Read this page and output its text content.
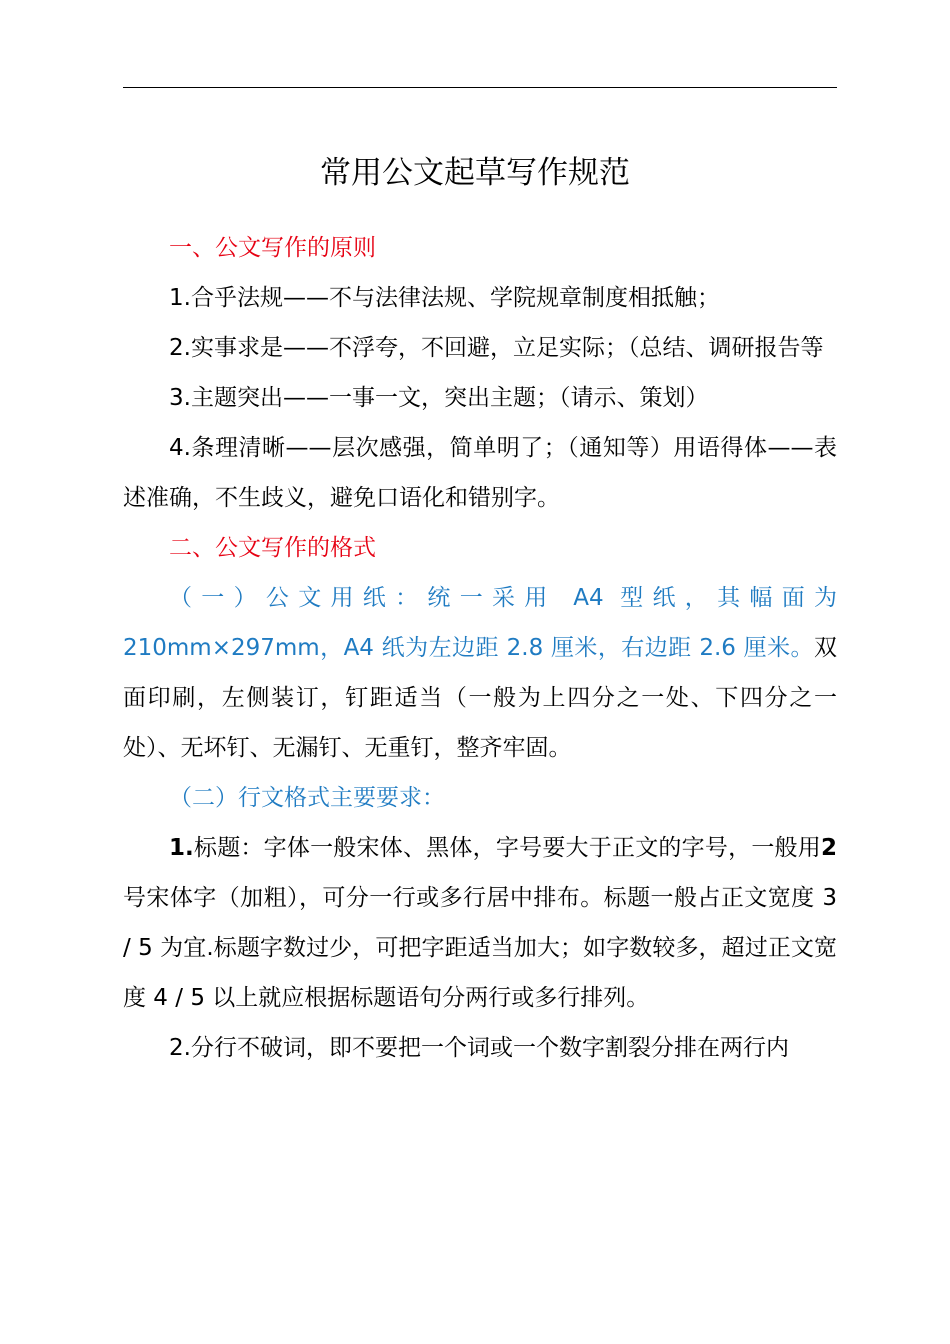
常用公文起草写作规范

一、公文写作的原则

1.合乎法规——不与法律法规、学院规章制度相抵触；

2.实事求是——不浮夸，不回避，立足实际；（总结、调研报告等

3.主题突出——一事一文，突出主题；（请示、策划）

4.条理清晰——层次感强，简单明了；（通知等）用语得体——表述准确，不生歧义，避免口语化和错别字。

二、公文写作的格式

（一）公文用纸：统一采用 A4 型纸，其幅面为

210mm×297mm，A4 纸为左边距 2.8 厘米，右边距 2.6 厘米。双面印刷，左侧装订，钉距适当（一般为上四分之一处、下四分之一处）、无坏钉、无漏钉、无重钉，整齐牢固。

（二）行文格式主要要求：

1.标题：字体一般宋体、黑体，字号要大于正文的字号，一般用2号宋体字（加粗），可分一行或多行居中排布。标题一般占正文宽度 3 / 5 为宜.标题字数过少，可把字距适当加大；如字数较多，超过正文宽度 4 / 5 以上就应根据标题语句分两行或多行排列。

2.分行不破词，即不要把一个词或一个数字割裂分排在两行内
